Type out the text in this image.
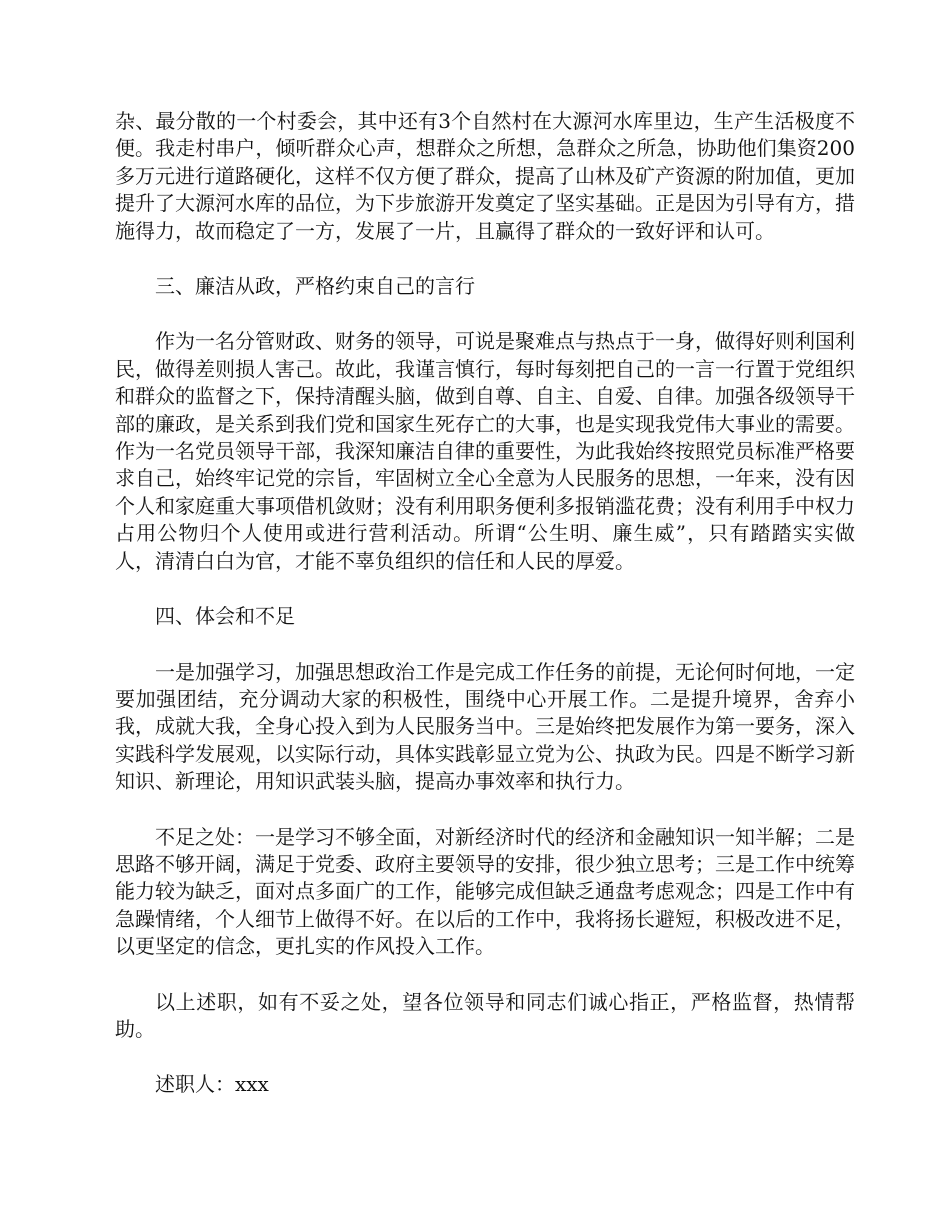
杂、最分散的一个村委会，其中还有3个自然村在大源河水库里边，生产生活极度不便。我走村串户，倾听群众心声，想群众之所想，急群众之所急，协助他们集资200多万元进行道路硬化，这样不仅方便了群众，提高了山林及矿产资源的附加值，更加提升了大源河水库的品位，为下步旅游开发奠定了坚实基础。正是因为引导有方，措施得力，故而稳定了一方，发展了一片，且赢得了群众的一致好评和认可。

三、廉洁从政，严格约束自己的言行

作为一名分管财政、财务的领导，可说是聚难点与热点于一身，做得好则利国利民，做得差则损人害己。故此，我谨言慎行，每时每刻把自己的一言一行置于党组织和群众的监督之下，保持清醒头脑，做到自尊、自主、自爱、自律。加强各级领导干部的廉政，是关系到我们党和国家生死存亡的大事，也是实现我党伟大事业的需要。作为一名党员领导干部，我深知廉洁自律的重要性，为此我始终按照党员标准严格要求自己，始终牢记党的宗旨，牢固树立全心全意为人民服务的思想，一年来，没有因个人和家庭重大事项借机敛财；没有利用职务便利多报销滥花费；没有利用手中权力占用公物归个人使用或进行营利活动。所谓“公生明、廉生威”，只有踏踏实实做人，清清白白为官，才能不辜负组织的信任和人民的厚爱。

四、体会和不足

一是加强学习，加强思想政治工作是完成工作任务的前提，无论何时何地，一定要加强团结，充分调动大家的积极性，围绕中心开展工作。二是提升境界，舍弃小我，成就大我，全身心投入到为人民服务当中。三是始终把发展作为第一要务，深入实践科学发展观，以实际行动，具体实践彰显立党为公、执政为民。四是不断学习新知识、新理论，用知识武装头脑，提高办事效率和执行力。

不足之处：一是学习不够全面，对新经济时代的经济和金融知识一知半解；二是思路不够开阔，满足于党委、政府主要领导的安排，很少独立思考；三是工作中统筹能力较为缺乏，面对点多面广的工作，能够完成但缺乏通盘考虑观念；四是工作中有急躁情绪，个人细节上做得不好。在以后的工作中，我将扬长避短，积极改进不足，以更坚定的信念，更扎实的作风投入工作。

以上述职，如有不妥之处，望各位领导和同志们诚心指正，严格监督，热情帮助。

述职人：xxx
